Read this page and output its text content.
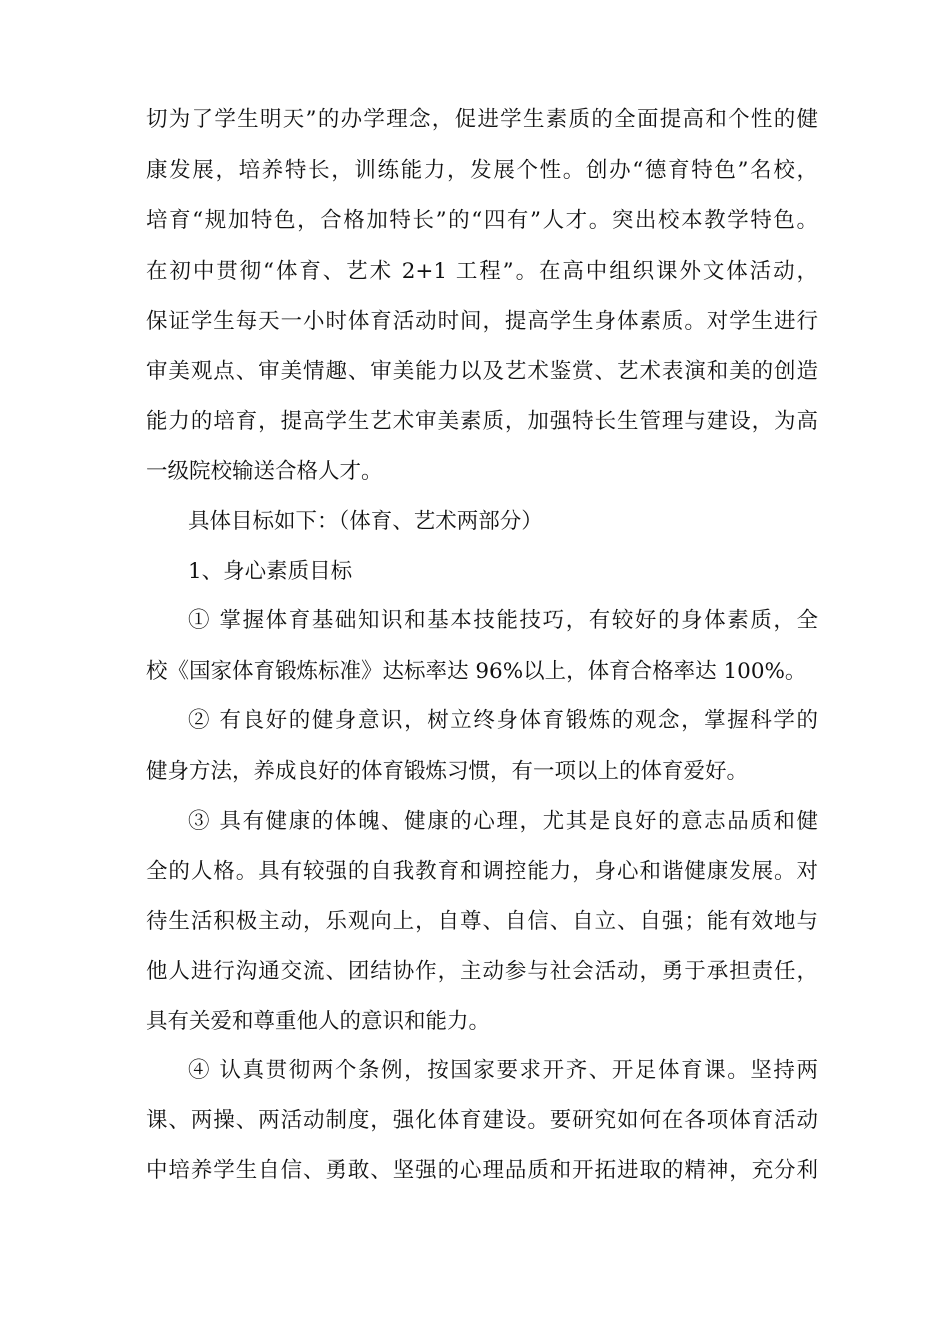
切为了学生明天”的办学理念，促进学生素质的全面提高和个性的健
康发展，培养特长，训练能力，发展个性。创办“德育特色”名校，
培育“规加特色，合格加特长”的“四有”人才。突出校本教学特色。
在初中贯彻“体育、艺术 2+1 工程”。在高中组织课外文体活动，
保证学生每天一小时体育活动时间，提高学生身体素质。对学生进行
审美观点、审美情趣、审美能力以及艺术鉴赏、艺术表演和美的创造
能力的培育，提高学生艺术审美素质，加强特长生管理与建设，为高
一级院校输送合格人才。
具体目标如下：（体育、艺术两部分）
1、身心素质目标
① 掌握体育基础知识和基本技能技巧，有较好的身体素质，全
校《国家体育锻炼标准》达标率达 96%以上，体育合格率达 100%。
② 有良好的健身意识，树立终身体育锻炼的观念，掌握科学的
健身方法，养成良好的体育锻炼习惯，有一项以上的体育爱好。
③ 具有健康的体魄、健康的心理，尤其是良好的意志品质和健
全的人格。具有较强的自我教育和调控能力，身心和谐健康发展。对
待生活积极主动，乐观向上，自尊、自信、自立、自强；能有效地与
他人进行沟通交流、团结协作，主动参与社会活动，勇于承担责任，
具有关爱和尊重他人的意识和能力。
④ 认真贯彻两个条例，按国家要求开齐、开足体育课。坚持两
课、两操、两活动制度，强化体育建设。要研究如何在各项体育活动
中培养学生自信、勇敢、坚强的心理品质和开拓进取的精神，充分利
